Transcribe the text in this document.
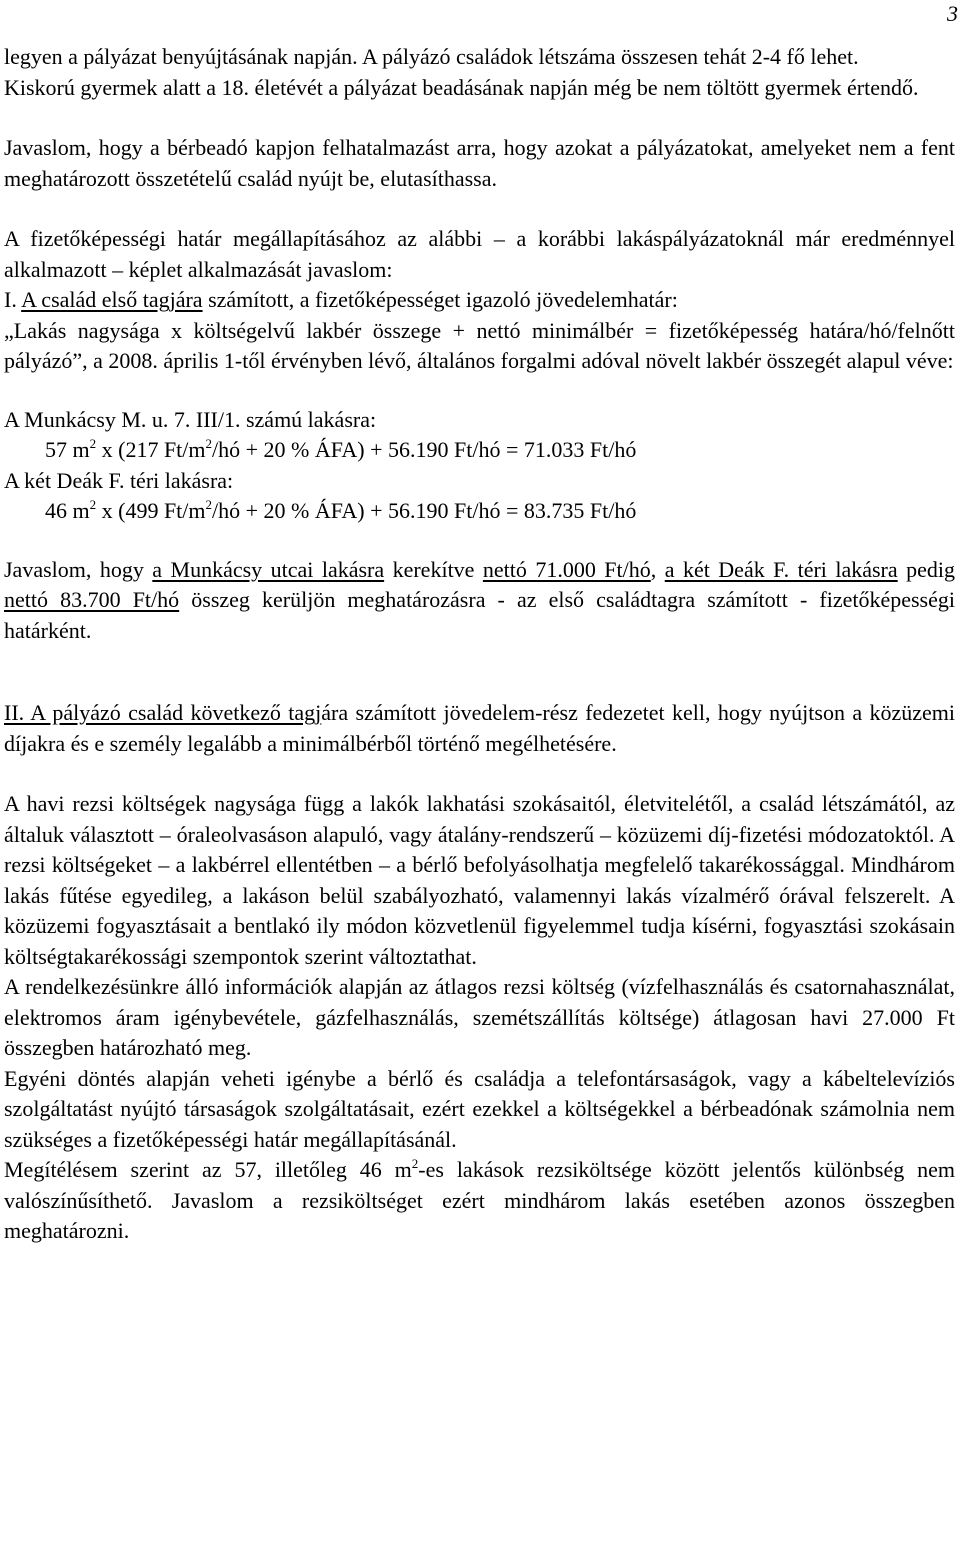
3

legyen a pályázat benyújtásának napján. A pályázó családok létszáma összesen tehát 2-4 fő lehet.

Kiskorú gyermek alatt a 18. életévét a pályázat beadásának napján még be nem töltött gyermek értendő.

Javaslom, hogy a bérbeadó kapjon felhatalmazást arra, hogy azokat a pályázatokat, amelyeket nem a fent meghatározott összetételű család nyújt be, elutasíthassa.

A fizetőképességi határ megállapításához az alábbi – a korábbi lakáspályázatoknál már eredménnyel alkalmazott – képlet alkalmazását javaslom:

I. A család első tagjára számított, a fizetőképességet igazoló jövedelemhatár:

„Lakás nagysága x költségelvű lakbér összege + nettó minimálbér = fizetőképesség határa/hó/felnőtt pályázó”, a 2008. április 1-től érvényben lévő, általános forgalmi adóval növelt lakbér összegét alapul véve:

A Munkácsy M. u. 7. III/1. számú lakásra:

57 $m^2$ x (217 $Ft/m^2/hó + 20$ % ÁFA) + 56.190 Ft/hó = 71.033 Ft/hó

A két Deák F. téri lakásra:

46 $m^2$ x (499 $Ft/m^2/hó + 20$ % ÁFA) + 56.190 Ft/hó = 83.735 Ft/hó

Javaslom, hogy a Munkácsy utcai lakásra kerekítve nettó 71.000 Ft/hó, a két Deák F. téri lakásra pedig nettó 83.700 Ft/hó összeg kerüljön meghatározásra - az első családtagra számított - fizetőképességi határként.

II. A pályázó család következő tagjára számított jövedelem-rész fedezetet kell, hogy nyújtson a közüzemi díjakra és e személy legalább a minimálbérből történő megélhetésére.

A havi rezsi költségek nagysága függ a lakók lakhatási szokásaitól, életvitelétől, a család létszámától, az általuk választott – óraleolvasáson alapuló, vagy átalány-rendszerű – közüzemi díj-fizetési módozatoktól. A rezsi költségeket – a lakbérrel ellentétben – a bérlő befolyásolhatja megfelelő takarékossággal. Mindhárom lakás fűtése egyedileg, a lakáson belül szabályozható, valamennyi lakás vízalmérő órával felszerelt. A közüzemi fogyasztásait a bentlakó ily módon közvetlenül figyelemmel tudja kísérni, fogyasztási szokásain költségtakarékossági szempontok szerint változtathat.

A rendelkezésünkre álló információk alapján az átlagos rezsi költség (vízfelhasználás és csatornahasználat, elektromos áram igénybevétele, gázfelhasználás, szemétszállítás költsége) átlagosan havi 27.000 Ft összegben határozható meg.

Egyéni döntés alapján veheti igénybe a bérlő és családja a telefontársaságok, vagy a kábeltelevíziós szolgáltatást nyújtó társaságok szolgáltatásait, ezért ezekkel a költségekkel a bérbeadónak számolnia nem szükséges a fizetőképességi határ megállapításánál.

Megítélésem szerint az 57, illetőleg 46 $m^2-es$ lakások rezsiköltsége között jelentős különbség nem valószínűsíthető. Javaslom a rezsiköltséget ezért mindhárom lakás esetében azonos összegben meghatározni.
